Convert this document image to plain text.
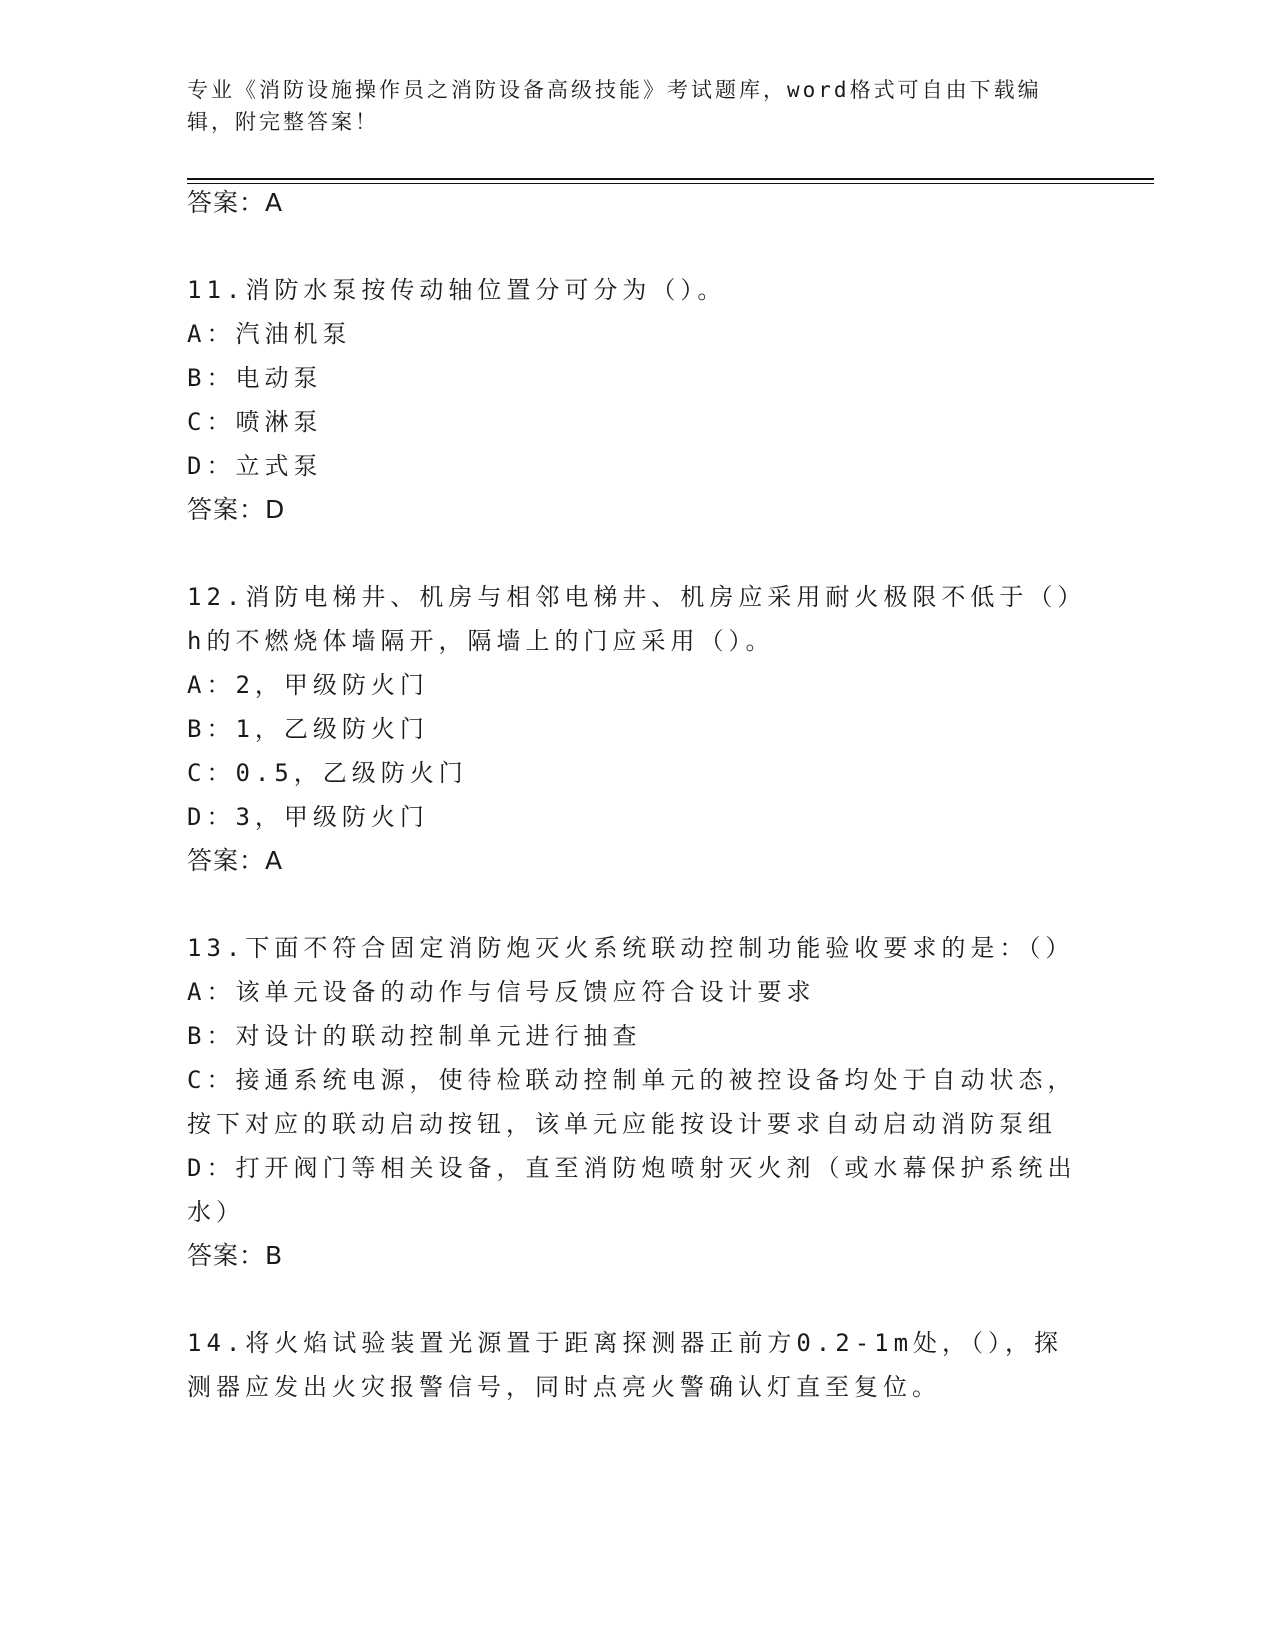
专业《消防设施操作员之消防设备高级技能》考试题库，word格式可自由下载编
辑，附完整答案！
答案：A
11.消防水泵按传动轴位置分可分为（）。
A：汽油机泵
B：电动泵
C：喷淋泵
D：立式泵
答案：D
12.消防电梯井、机房与相邻电梯井、机房应采用耐火极限不低于（）
h的不燃烧体墙隔开，隔墙上的门应采用（）。
A：2，甲级防火门
B：1，乙级防火门
C：0.5，乙级防火门
D：3，甲级防火门
答案：A
13.下面不符合固定消防炮灭火系统联动控制功能验收要求的是：（）
A：该单元设备的动作与信号反馈应符合设计要求
B：对设计的联动控制单元进行抽查
C：接通系统电源，使待检联动控制单元的被控设备均处于自动状态，
按下对应的联动启动按钮，该单元应能按设计要求自动启动消防泵组
D：打开阀门等相关设备，直至消防炮喷射灭火剂（或水幕保护系统出
水）
答案：B
14.将火焰试验装置光源置于距离探测器正前方0.2-1m处，（），探
测器应发出火灾报警信号，同时点亮火警确认灯直至复位。
